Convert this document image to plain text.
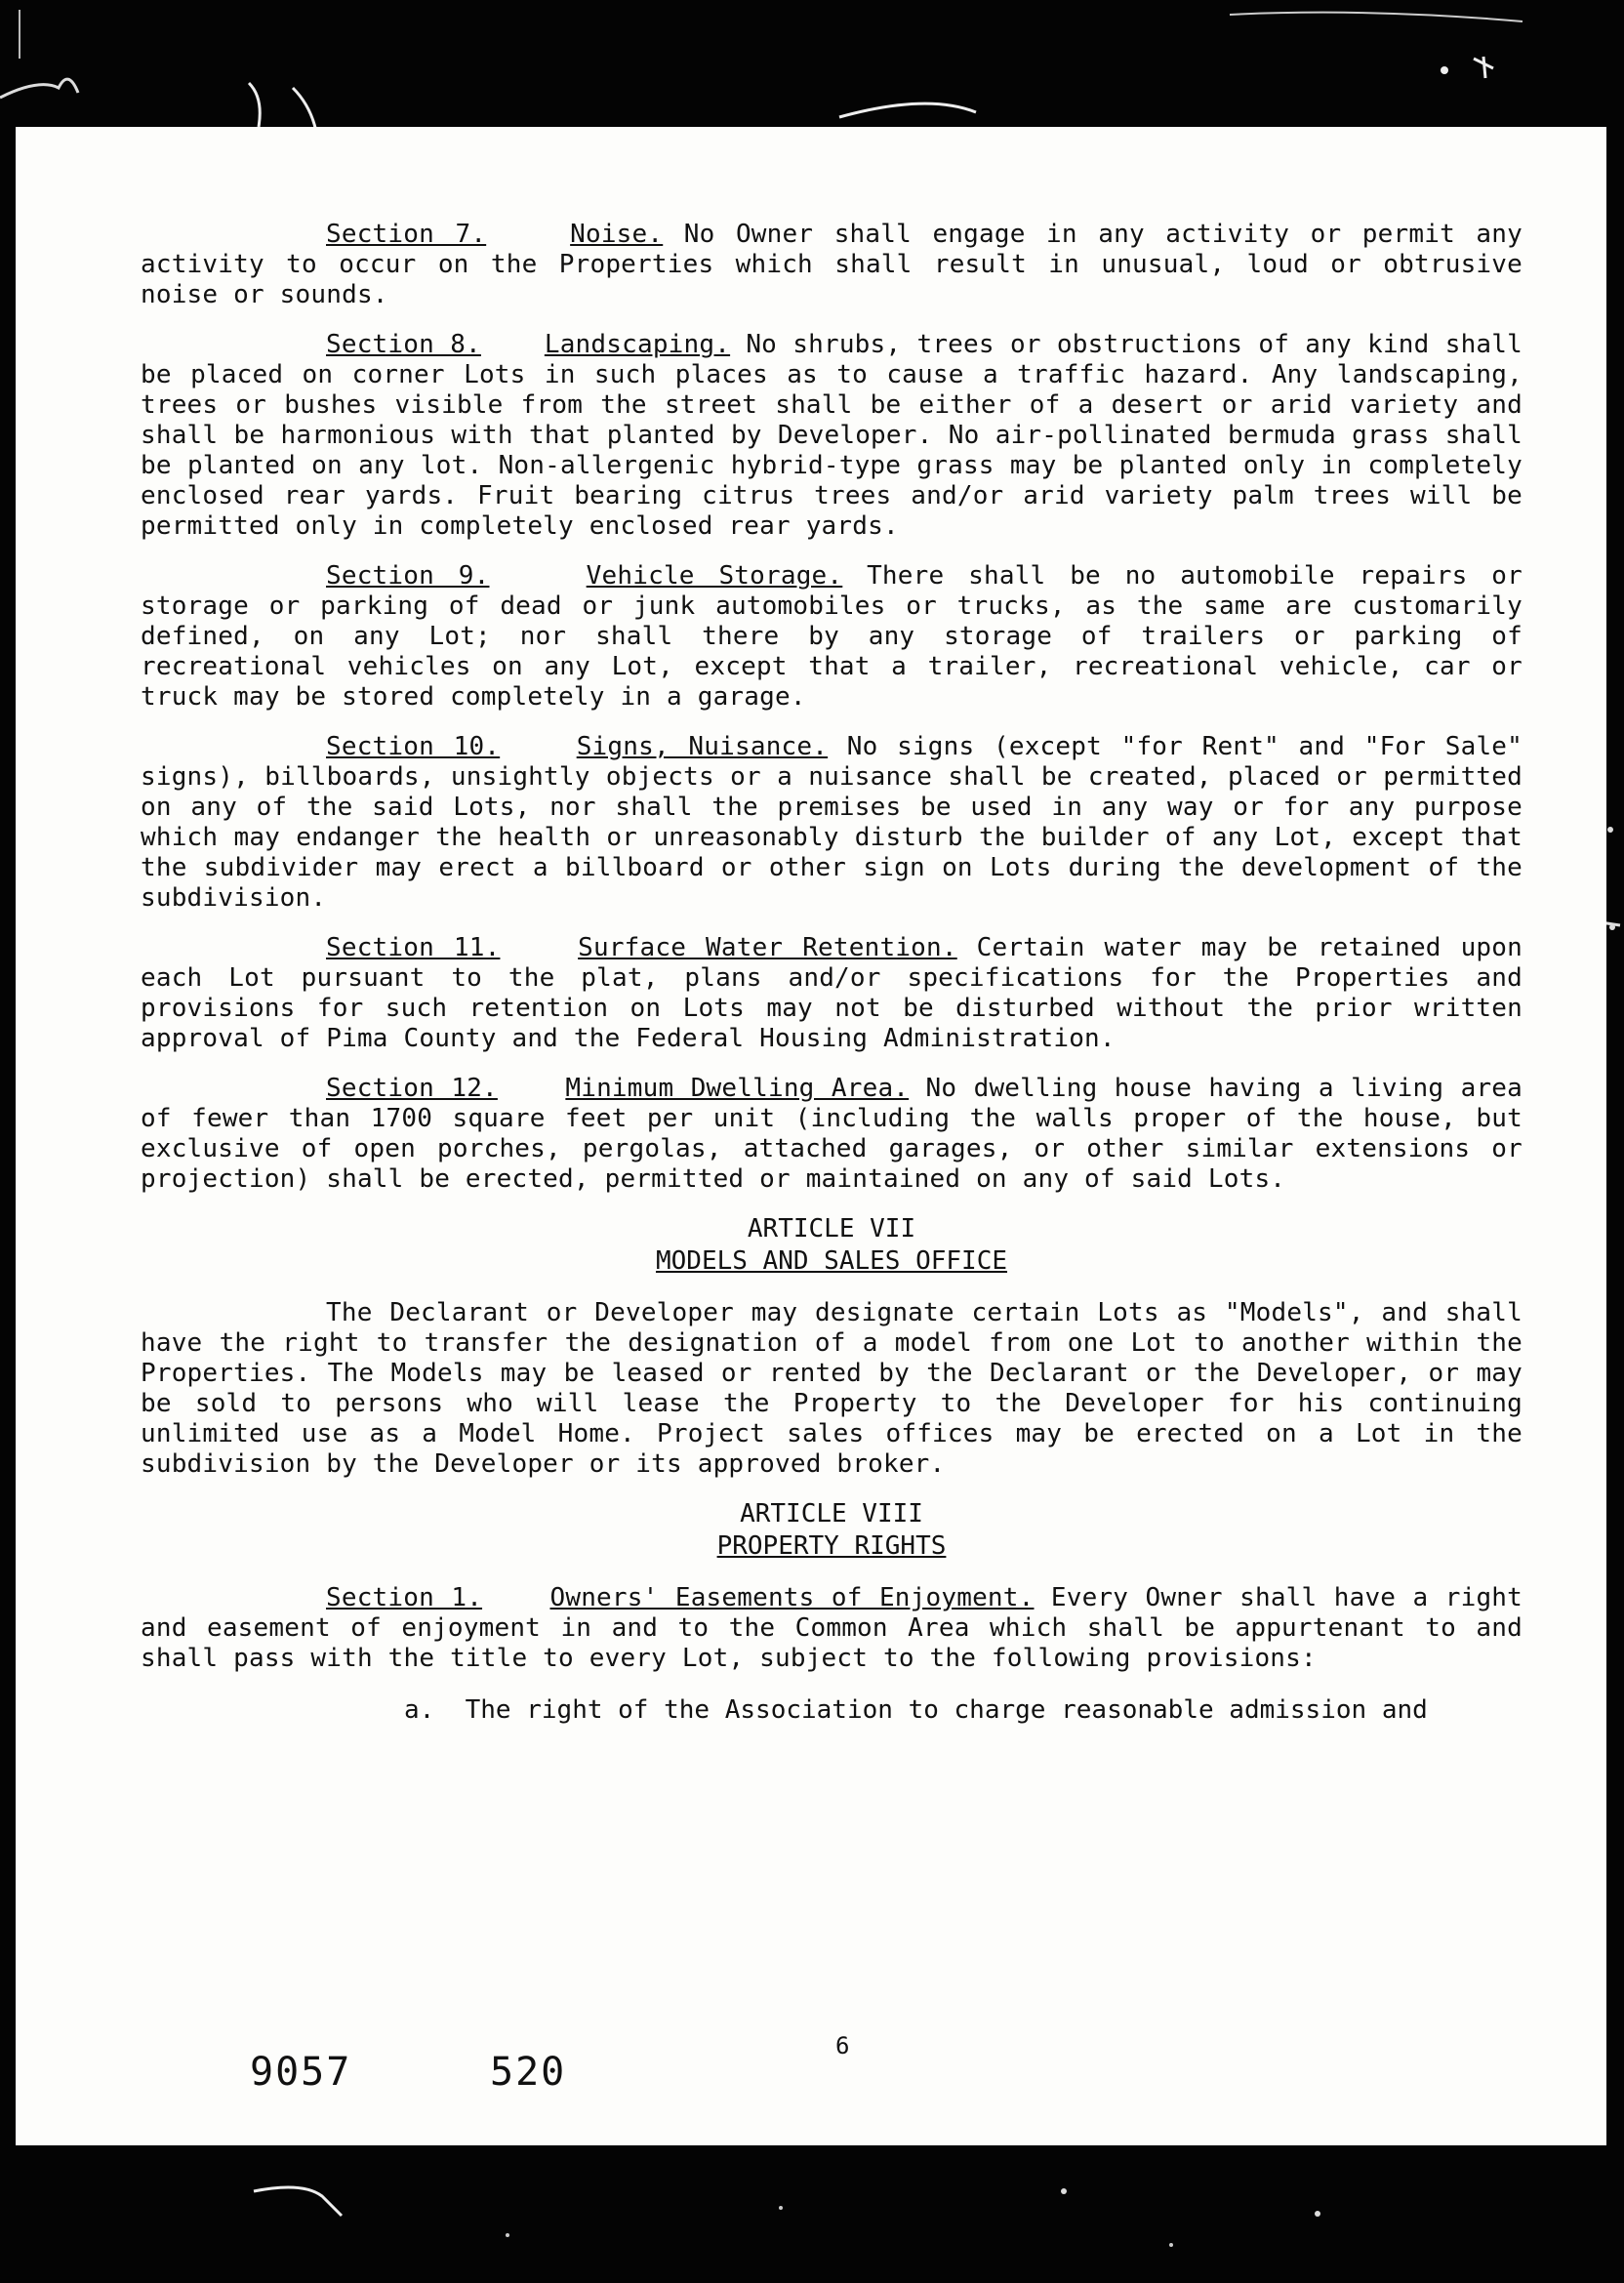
Section 7.	Noise. No Owner shall engage in any activity or permit any activity to occur on the Properties which shall result in unusual, loud or obtrusive noise or sounds.

Section 8. Landscaping. No shrubs, trees or obstructions of any kind shall be placed on corner Lots in such places as to cause a traffic hazard. Any landscaping, trees or bushes visible from the street shall be either of a desert or arid variety and shall be harmonious with that planted by Developer. No air-pollinated bermuda grass shall be planted on any lot. Non-allergenic hybrid-type grass may be planted only in completely enclosed rear yards. Fruit bearing citrus trees and/or arid variety palm trees will be permitted only in completely enclosed rear yards.

Section 9.	Vehicle Storage. There shall be no automobile repairs or storage or parking of dead or junk automobiles or trucks, as the same are customarily defined, on any Lot; nor shall there by any storage of trailers or parking of recreational vehicles on any Lot, except that a trailer, recreational vehicle, car or truck may be stored completely in a garage.

Section 10.	Signs, Nuisance. No signs (except "for Rent" and "For Sale" signs), billboards, unsightly objects or a nuisance shall be created, placed or permitted on any of the said Lots, nor shall the premises be used in any way or for any purpose which may endanger the health or unreasonably disturb the builder of any Lot, except that the subdivider may erect a billboard or other sign on Lots during the development of the subdivision.

Section 11.	Surface Water Retention. Certain water may be retained upon each Lot pursuant to the plat, plans and/or specifications for the Properties and provisions for such retention on Lots may not be disturbed without the prior written approval of Pima County and the Federal Housing Administration.

Section 12.	Minimum Dwelling Area. No dwelling house having a living area of fewer than 1700 square feet per unit (including the walls proper of the house, but exclusive of open porches, pergolas, attached garages, or other similar extensions or projection) shall be erected, permitted or maintained on any of said Lots.

ARTICLE VII
MODELS AND SALES OFFICE

The Declarant or Developer may designate certain Lots as "Models", and shall have the right to transfer the designation of a model from one Lot to another within the Properties. The Models may be leased or rented by the Declarant or the Developer, or may be sold to persons who will lease the Property to the Developer for his continuing unlimited use as a Model Home. Project sales offices may be erected on a Lot in the subdivision by the Developer or its approved broker.

ARTICLE VIII
PROPERTY RIGHTS

Section 1.	Owners' Easements of Enjoyment. Every Owner shall have a right and easement of enjoyment in and to the Common Area which shall be appurtenant to and shall pass with the title to every Lot, subject to the following provisions:

a. The right of the Association to charge reasonable admission and
6
9057	520
